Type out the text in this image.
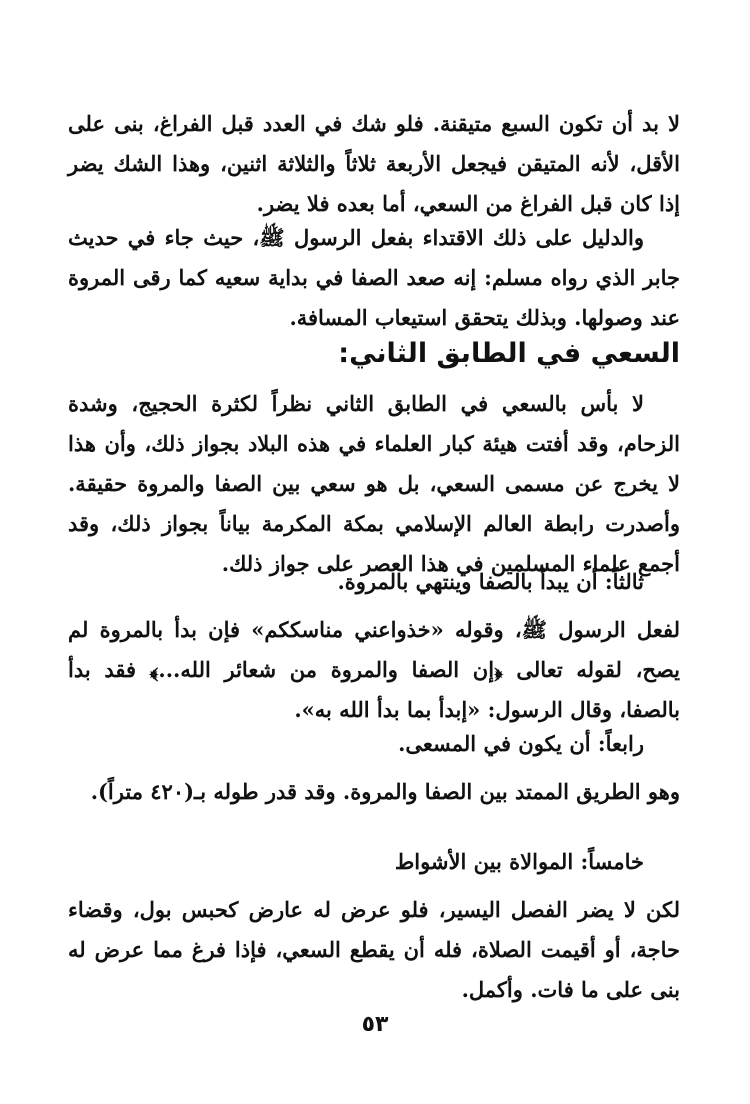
لا بد أن تكون السبع متيقنة. فلو شك في العدد قبل الفراغ، بنى على الأقل، لأنه المتيقن فيجعل الأربعة ثلاثاً والثلاثة اثنين، وهذا الشك يضر إذا كان قبل الفراغ من السعي، أما بعده فلا يضر.

والدليل على ذلك الاقتداء بفعل الرسول ﷺ، حيث جاء في حديث جابر الذي رواه مسلم: إنه صعد الصفا في بداية سعيه كما رقى المروة عند وصولها. وبذلك يتحقق استيعاب المسافة.

السعي في الطابق الثاني:

لا بأس بالسعي في الطابق الثاني نظراً لكثرة الحجيج، وشدة الزحام، وقد أفتت هيئة كبار العلماء في هذه البلاد بجواز ذلك، وأن هذا لا يخرج عن مسمى السعي، بل هو سعي بين الصفا والمروة حقيقة. وأصدرت رابطة العالم الإسلامي بمكة المكرمة بياناً بجواز ذلك، وقد أجمع علماء المسلمين في هذا العصر على جواز ذلك.

ثالثاً: أن يبدأ بالصفا وينتهي بالمروة.

لفعل الرسول ﷺ، وقوله «خذواعني مناسككم» فإن بدأ بالمروة لم يصح، لقوله تعالى ﴿إن الصفا والمروة من شعائر الله...﴾ فقد بدأ بالصفا، وقال الرسول: «إبدأ بما بدأ الله به».

رابعاً: أن يكون في المسعى.

وهو الطريق الممتد بين الصفا والمروة. وقد قدر طوله بـ(٤٢٠ متراً).

خامساً: الموالاة بين الأشواط

لكن لا يضر الفصل اليسير، فلو عرض له عارض كحبس بول، وقضاء حاجة، أو أقيمت الصلاة، فله أن يقطع السعي، فإذا فرغ مما عرض له بنى على ما فات. وأكمل.

٥٣
